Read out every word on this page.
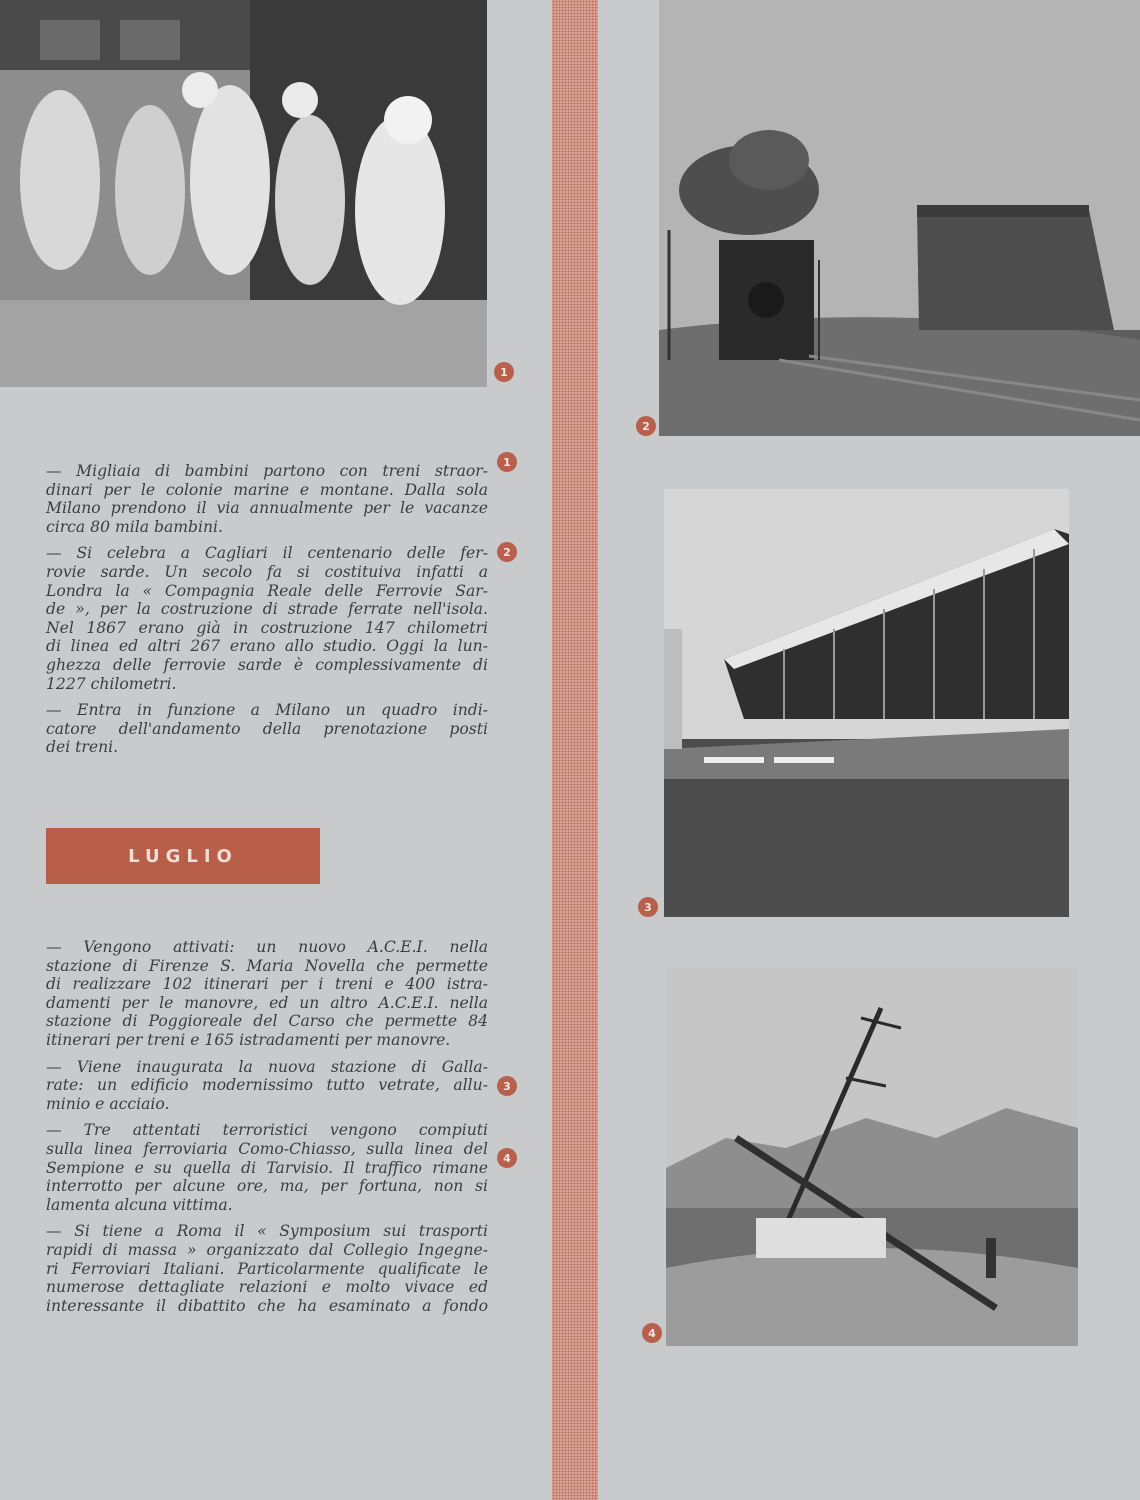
1

— Migliaia di bambini partono con treni straor-
dinari per le colonie marine e montane. Dalla sola
Milano prendono il via annualmente per le vacanze
circa 80 mila bambini.

— Si celebra a Cagliari il centenario delle fer-
rovie sarde. Un secolo fa si costituiva infatti a
Londra la « Compagnia Reale delle Ferrovie Sar-
de », per la costruzione di strade ferrate nell'isola.
Nel 1867 erano già in costruzione 147 chilometri
di linea ed altri 267 erano allo studio. Oggi la lun-
ghezza delle ferrovie sarde è complessivamente di
1227 chilometri.

— Entra in funzione a Milano un quadro indi-
catore dell'andamento della prenotazione posti
dei treni.

1
2
LUGLIO

— Vengono attivati: un nuovo A.C.E.I. nella
stazione di Firenze S. Maria Novella che permette
di realizzare 102 itinerari per i treni e 400 istra-
damenti per le manovre, ed un altro A.C.E.I. nella
stazione di Poggioreale del Carso che permette 84
itinerari per treni e 165 istradamenti per manovre.

— Viene inaugurata la nuova stazione di Galla-
rate: un edificio modernissimo tutto vetrate, allu-
minio e acciaio.

— Tre attentati terroristici vengono compiuti
sulla linea ferroviaria Como-Chiasso, sulla linea del
Sempione e su quella di Tarvisio. Il traffico rimane
interrotto per alcune ore, ma, per fortuna, non si
lamenta alcuna vittima.

— Si tiene a Roma il « Symposium sui trasporti
rapidi di massa » organizzato dal Collegio Ingegne-
ri Ferroviari Italiani. Particolarmente qualificate le
numerose dettagliate relazioni e molto vivace ed
interessante il dibattito che ha esaminato a fondo

3
4
2
3
4
